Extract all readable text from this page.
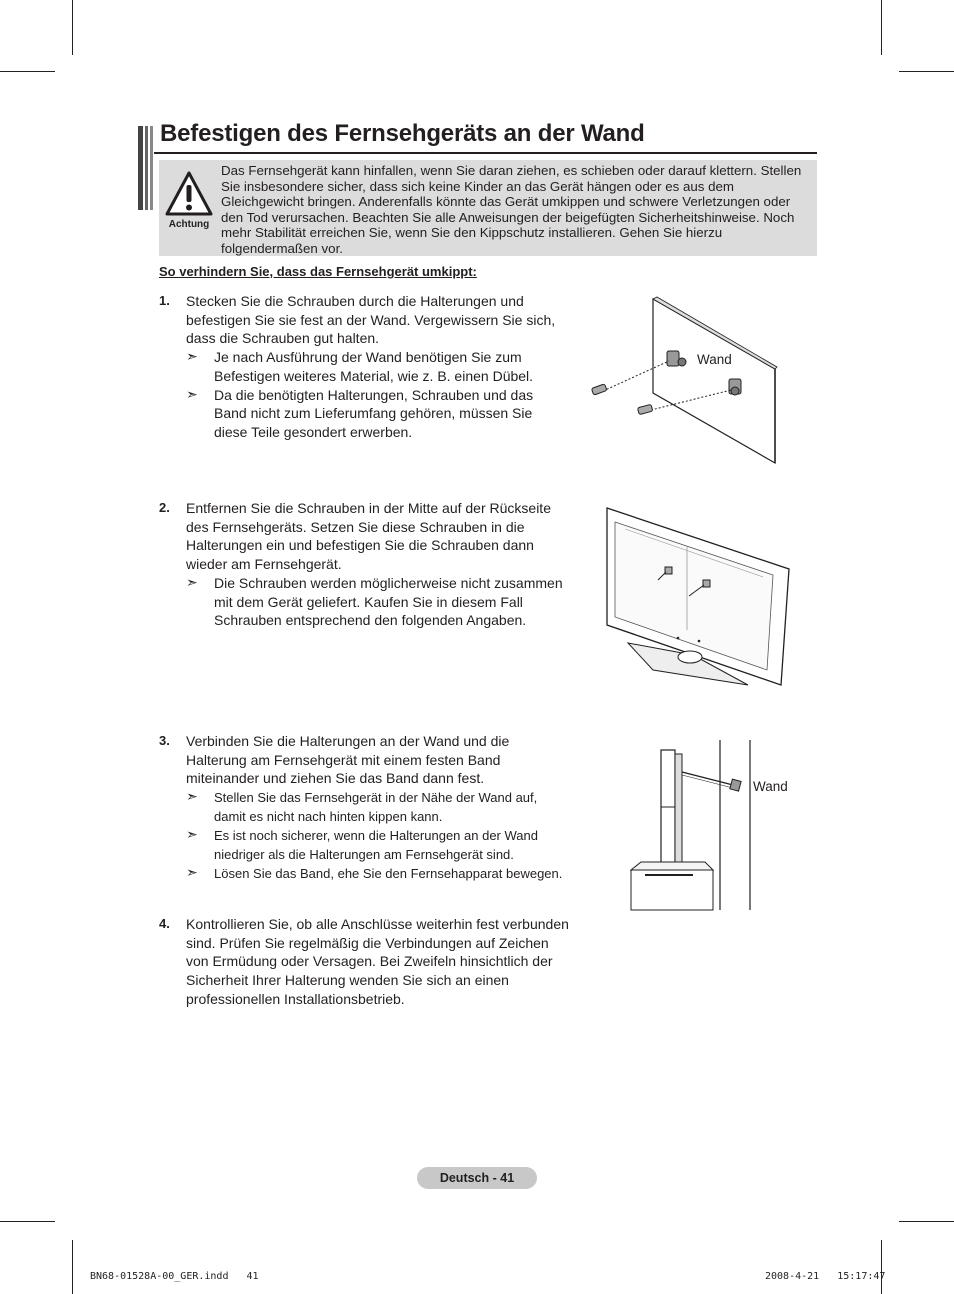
Befestigen des Fernsehgeräts an der Wand
Achtung
Das Fernsehgerät kann hinfallen, wenn Sie daran ziehen, es schieben oder darauf klettern. Stellen Sie insbesondere sicher, dass sich keine Kinder an das Gerät hängen oder es aus dem Gleichgewicht bringen. Anderenfalls könnte das Gerät umkippen und schwere Verletzungen oder den Tod verursachen. Beachten Sie alle Anweisungen der beigefügten Sicherheitshinweise. Noch mehr Stabilität erreichen Sie, wenn Sie den Kippschutz installieren. Gehen Sie hierzu folgendermaßen vor.
So verhindern Sie, dass das Fernsehgerät umkippt:
1. Stecken Sie die Schrauben durch die Halterungen und befestigen Sie sie fest an der Wand. Vergewissern Sie sich, dass die Schrauben gut halten.
➣ Je nach Ausführung der Wand benötigen Sie zum Befestigen weiteres Material, wie z. B. einen Dübel.
➣ Da die benötigten Halterungen, Schrauben und das Band nicht zum Lieferumfang gehören, müssen Sie diese Teile gesondert erwerben.
Wand
2. Entfernen Sie die Schrauben in der Mitte auf der Rückseite des Fernsehgeräts. Setzen Sie diese Schrauben in die Halterungen ein und befestigen Sie die Schrauben dann wieder am Fernsehgerät.
➣ Die Schrauben werden möglicherweise nicht zusammen mit dem Gerät geliefert. Kaufen Sie in diesem Fall Schrauben entsprechend den folgenden Angaben.
3. Verbinden Sie die Halterungen an der Wand und die Halterung am Fernsehgerät mit einem festen Band miteinander und ziehen Sie das Band dann fest.
➣ Stellen Sie das Fernsehgerät in der Nähe der Wand auf, damit es nicht nach hinten kippen kann.
➣ Es ist noch sicherer, wenn die Halterungen an der Wand niedriger als die Halterungen am Fernsehgerät sind.
➣ Lösen Sie das Band, ehe Sie den Fernsehapparat bewegen.
Wand
4. Kontrollieren Sie, ob alle Anschlüsse weiterhin fest verbunden sind. Prüfen Sie regelmäßig die Verbindungen auf Zeichen von Ermüdung oder Versagen. Bei Zweifeln hinsichtlich der Sicherheit Ihrer Halterung wenden Sie sich an einen professionellen Installationsbetrieb.
Deutsch - 41
BN68-01528A-00_GER.indd   41	2008-4-21   15:17:47
